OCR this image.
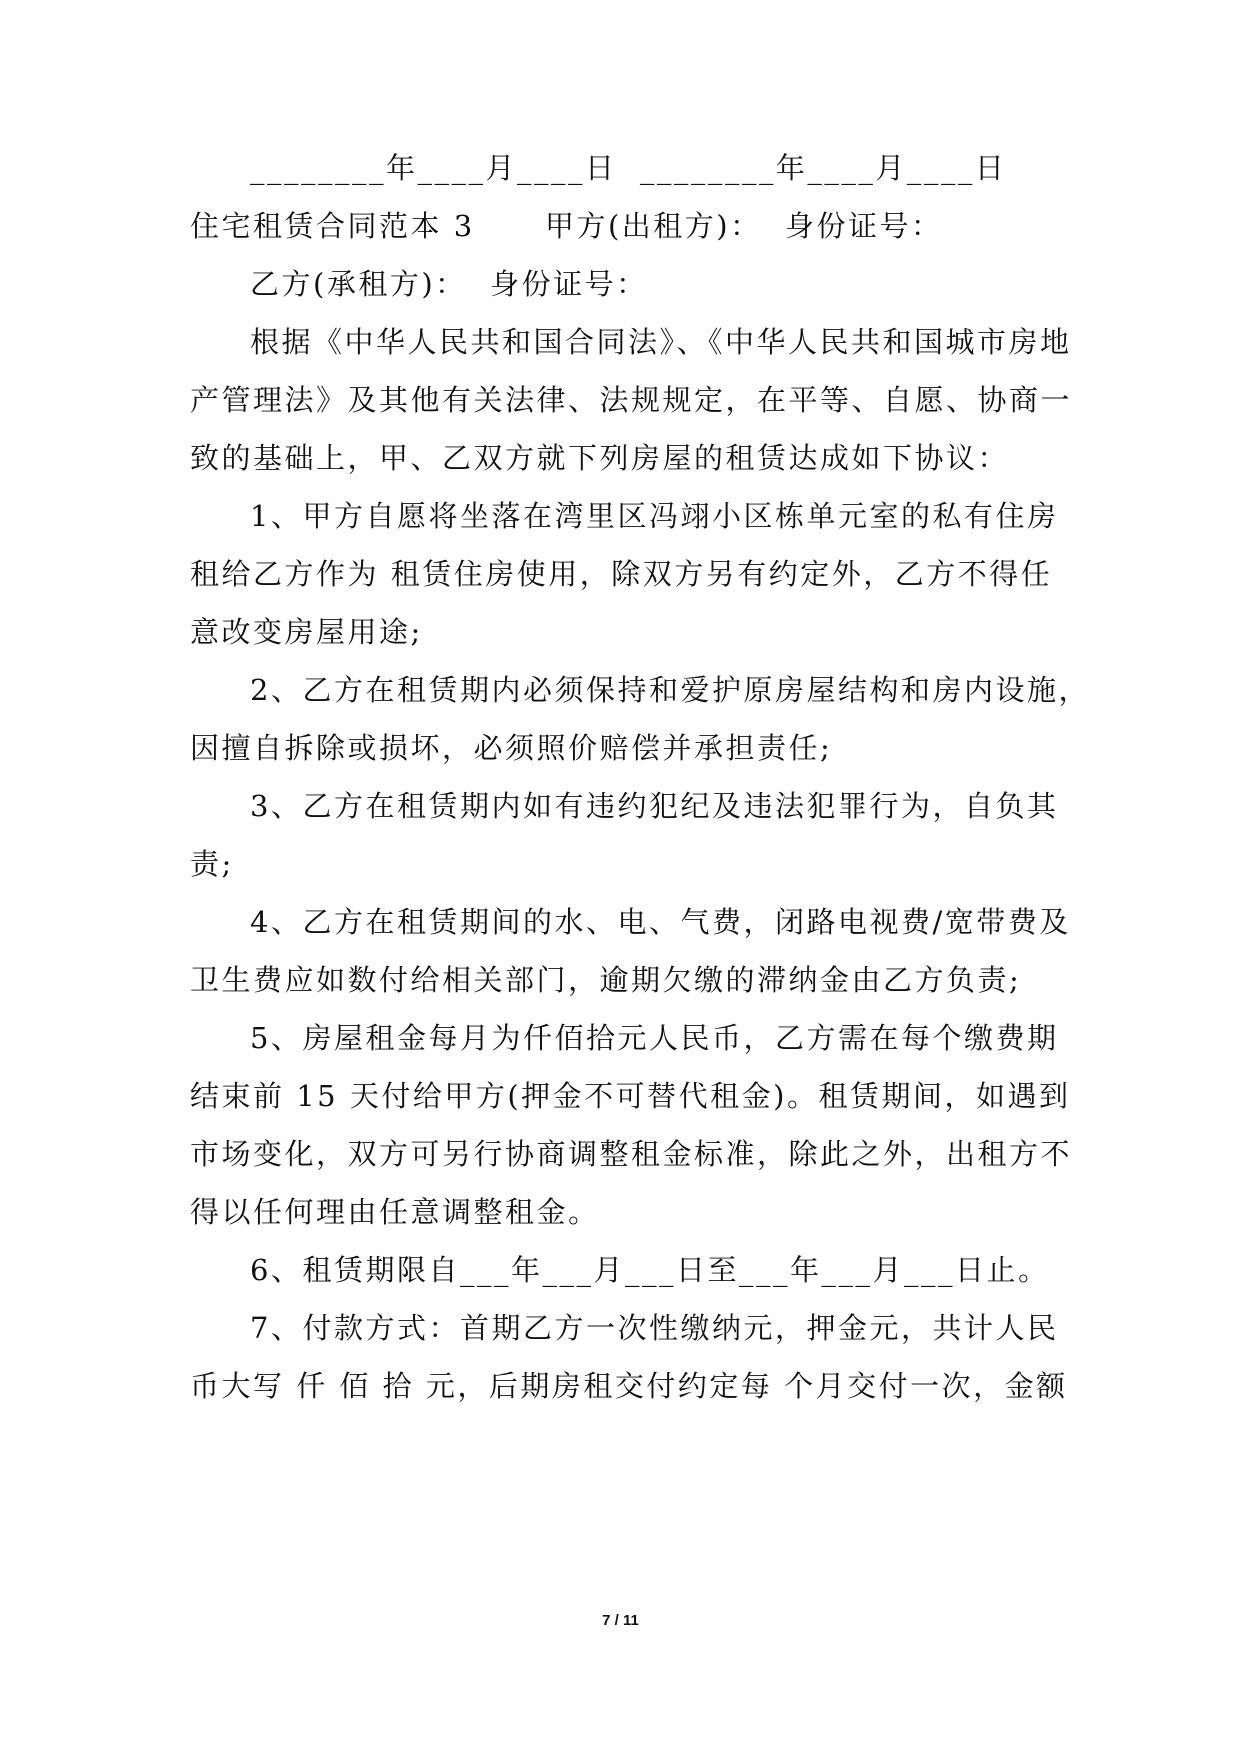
________年____月____日  ________年____月____日
住宅租赁合同范本 3      甲方(出租方)：  身份证号：
乙方(承租方)：  身份证号：
根据《中华人民共和国合同法》、《中华人民共和国城市房地
产管理法》及其他有关法律、法规规定，在平等、自愿、协商一
致的基础上，甲、乙双方就下列房屋的租赁达成如下协议：
1、甲方自愿将坐落在湾里区冯翊小区栋单元室的私有住房
租给乙方作为 租赁住房使用，除双方另有约定外，乙方不得任
意改变房屋用途;
2、乙方在租赁期内必须保持和爱护原房屋结构和房内设施，
因擅自拆除或损坏，必须照价赔偿并承担责任;
3、乙方在租赁期内如有违约犯纪及违法犯罪行为，自负其
责;
4、乙方在租赁期间的水、电、气费，闭路电视费/宽带费及
卫生费应如数付给相关部门，逾期欠缴的滞纳金由乙方负责;
5、房屋租金每月为仟佰拾元人民币，乙方需在每个缴费期
结束前 15 天付给甲方(押金不可替代租金)。租赁期间，如遇到
市场变化，双方可另行协商调整租金标准，除此之外，出租方不
得以任何理由任意调整租金。
6、租赁期限自___年___月___日至___年___月___日止。
7、付款方式：首期乙方一次性缴纳元，押金元，共计人民
币大写 仟 佰 拾 元，后期房租交付约定每 个月交付一次，金额
7 / 11
